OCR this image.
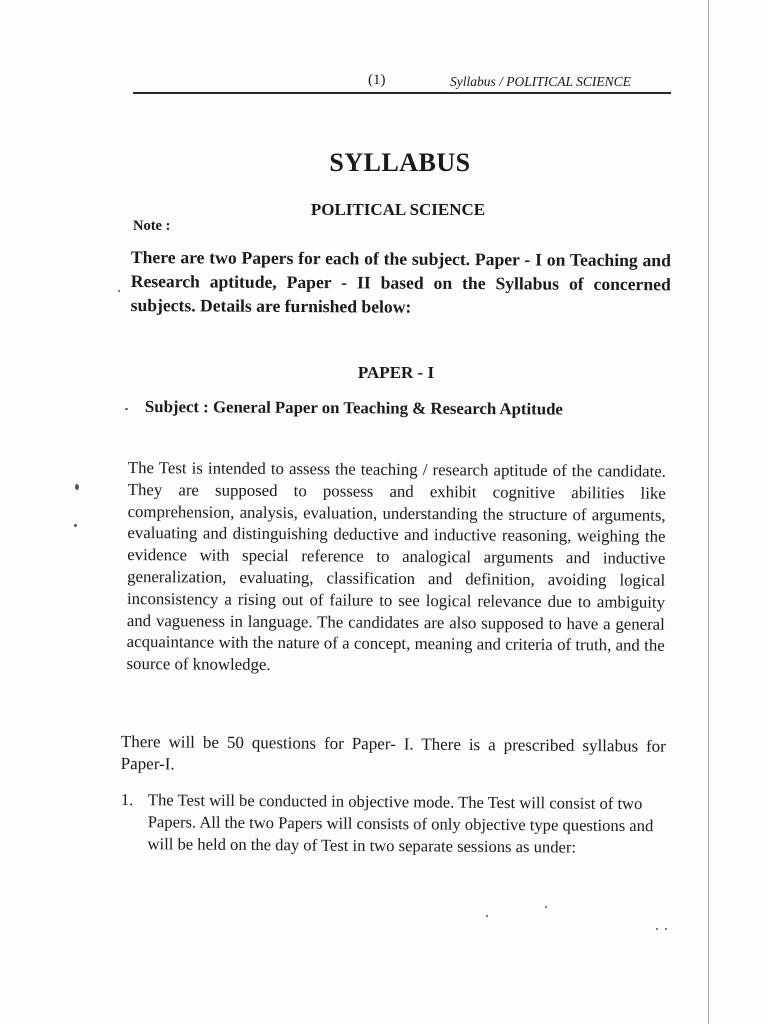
(1)	Syllabus / POLITICAL SCIENCE
SYLLABUS
POLITICAL SCIENCE
Note :
There are two Papers for each of the subject. Paper - I on Teaching and Research aptitude, Paper - II based on the Syllabus of concerned subjects. Details are furnished below:
PAPER - I
Subject : General Paper on Teaching & Research Aptitude
The Test is intended to assess the teaching / research aptitude of the candidate. They are supposed to possess and exhibit cognitive abilities like comprehension, analysis, evaluation, understanding the structure of arguments, evaluating and distinguishing deductive and inductive reasoning, weighing the evidence with special reference to analogical arguments and inductive generalization, evaluating, classification and definition, avoiding logical inconsistency a rising out of failure to see logical relevance due to ambiguity and vagueness in language. The candidates are also supposed to have a general acquaintance with the nature of a concept, meaning and criteria of truth, and the source of knowledge.
There will be 50 questions for Paper- I. There is a prescribed syllabus for Paper-I.
1. The Test will be conducted in objective mode. The Test will consist of two Papers. All the two Papers will consists of only objective type questions and will be held on the day of Test in two separate sessions as under:
